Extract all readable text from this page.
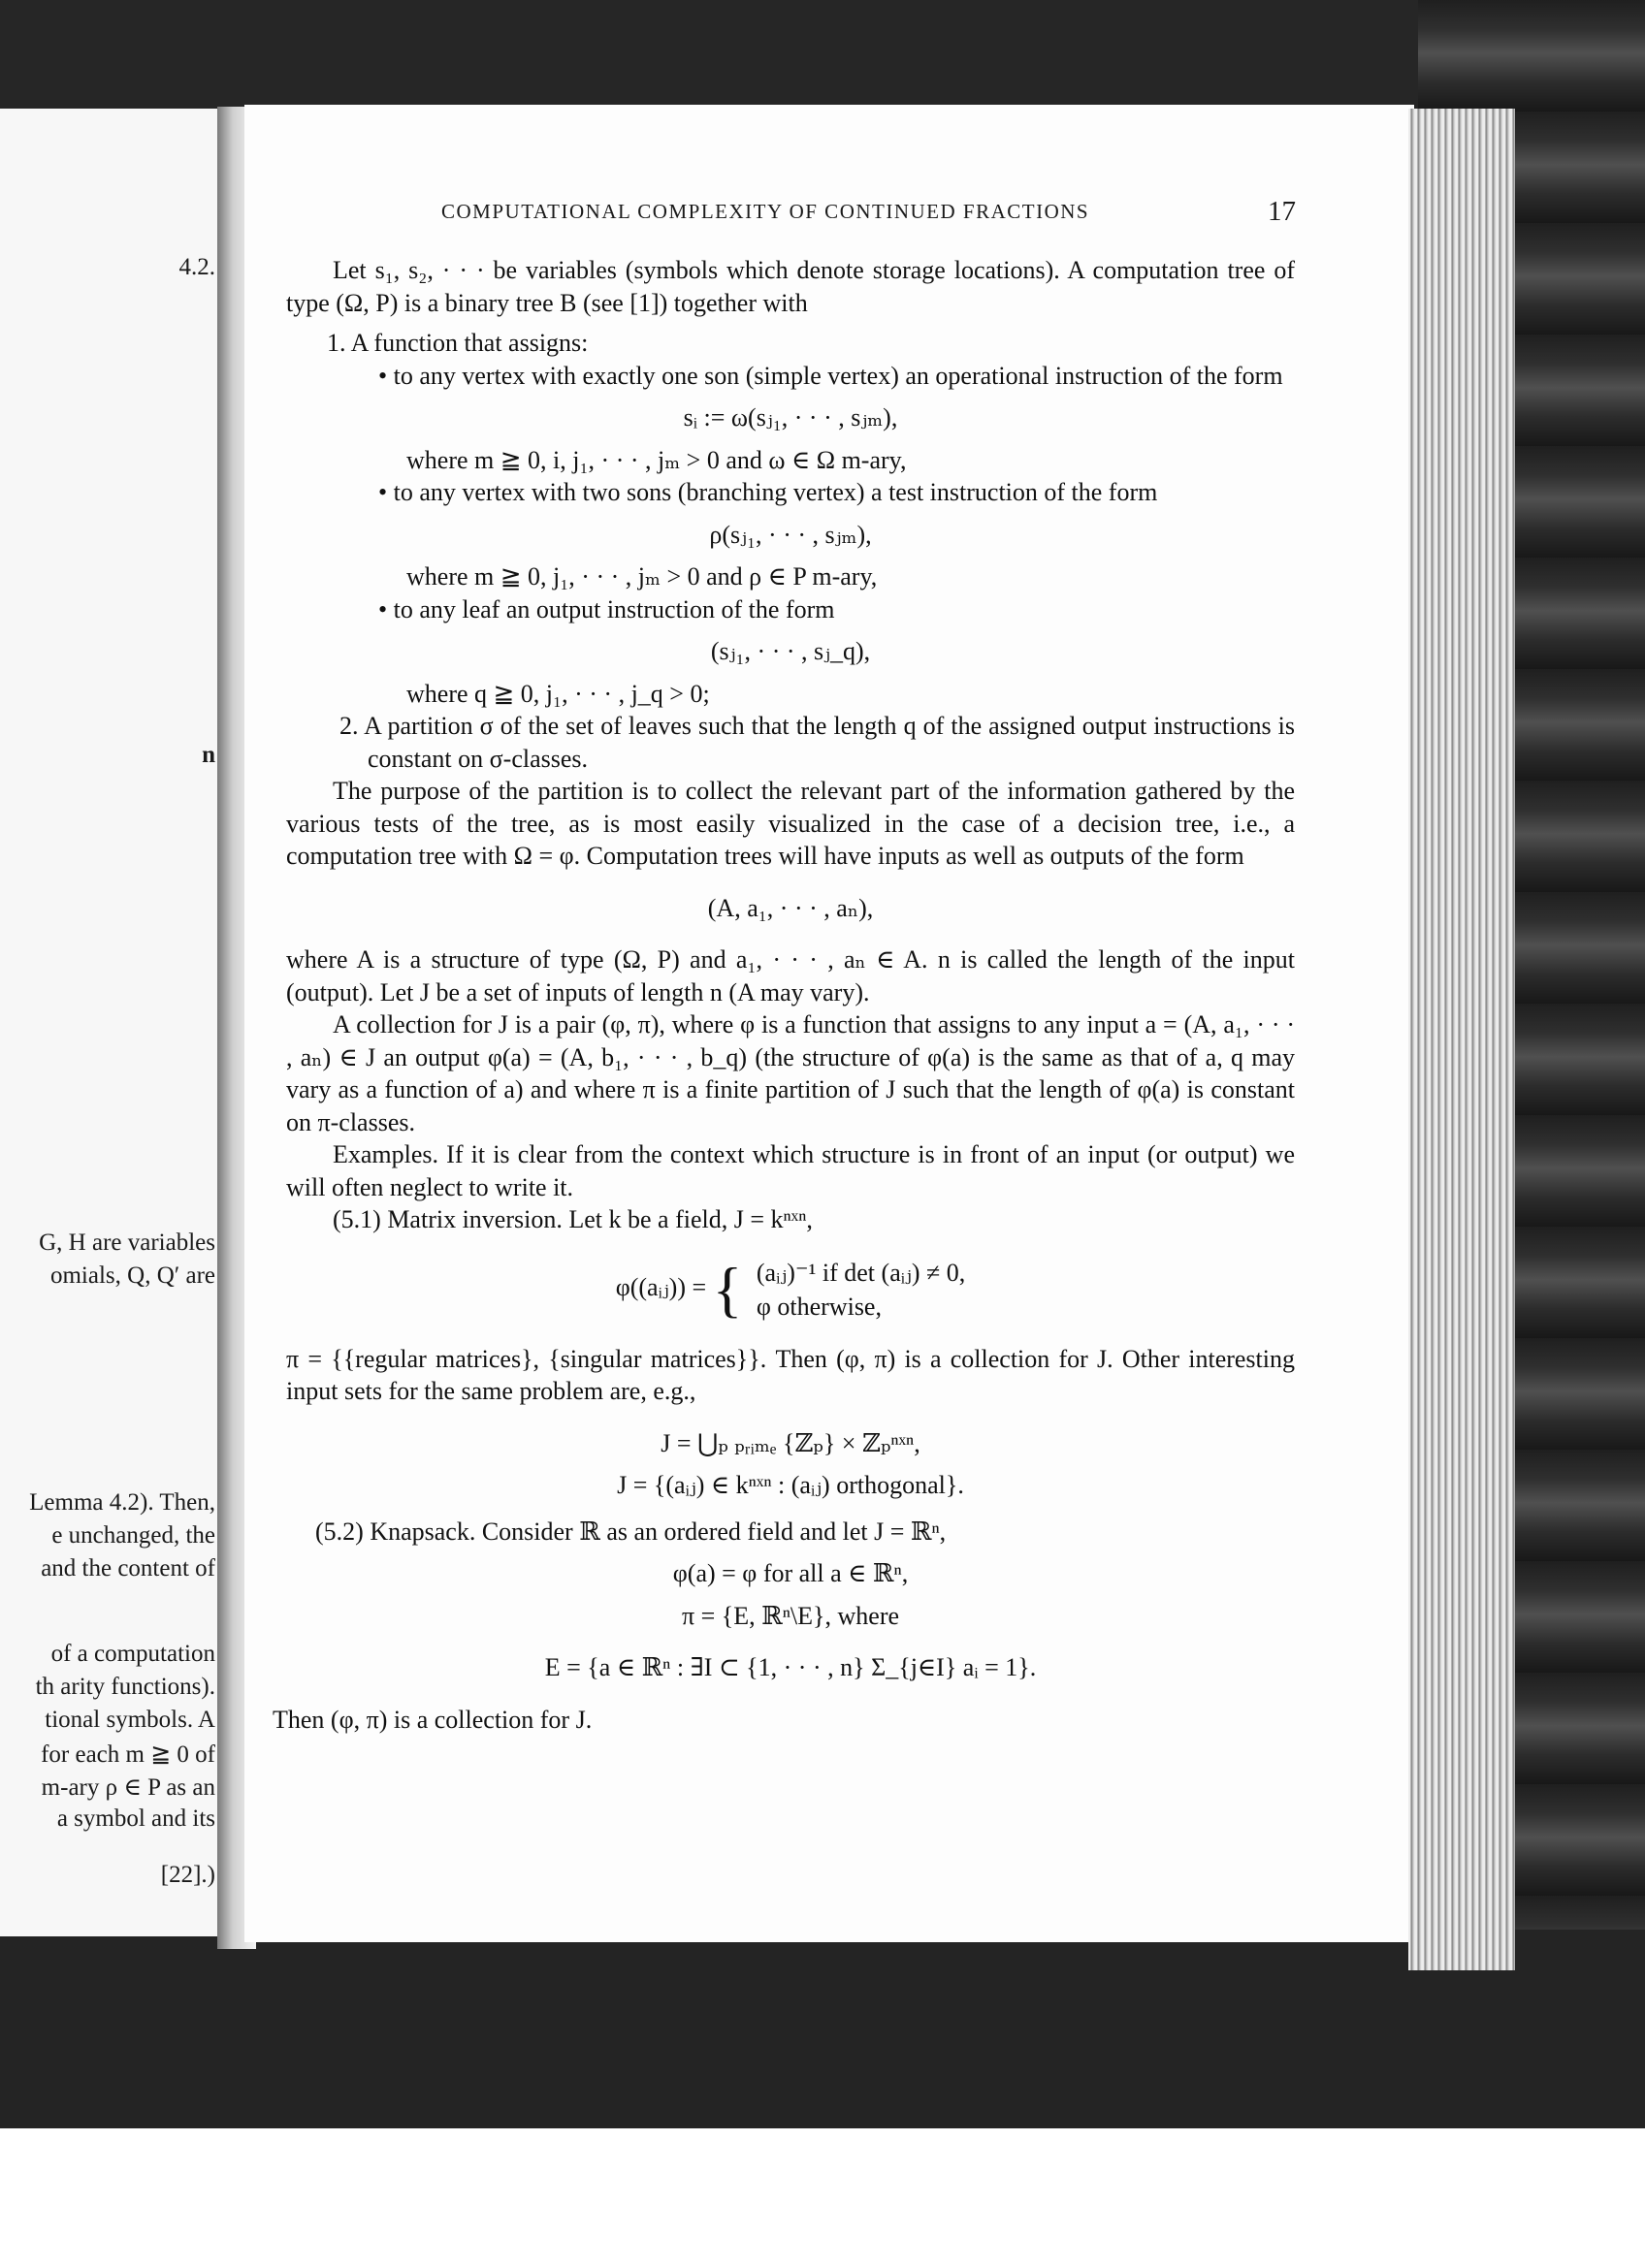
4.2.
n
G, H are variables
omials, Q, Q′ are
Lemma 4.2). Then,
e unchanged, the
and the content of
of a computation
th arity functions).
tional symbols. A
for each m ≧ 0 of
m-ary ρ ∈ P as an
a symbol and its
[22].)
COMPUTATIONAL COMPLEXITY OF CONTINUED FRACTIONS	17

Let s₁, s₂, · · · be variables (symbols which denote storage locations). A computation tree of type (Ω, P) is a binary tree B (see [1]) together with

1. A function that assigns:

• to any vertex with exactly one son (simple vertex) an operational instruction of the form

sᵢ := ω(sⱼ₁, · · · , sⱼₘ),

where m ≧ 0, i, j₁, · · · , jₘ > 0 and ω ∈ Ω m-ary,

• to any vertex with two sons (branching vertex) a test instruction of the form

ρ(sⱼ₁, · · · , sⱼₘ),

where m ≧ 0, j₁, · · · , jₘ > 0 and ρ ∈ P m-ary,

• to any leaf an output instruction of the form

(sⱼ₁, · · · , sⱼ_q),

where q ≧ 0, j₁, · · · , j_q > 0;

2. A partition σ of the set of leaves such that the length q of the assigned output instructions is constant on σ-classes.

The purpose of the partition is to collect the relevant part of the information gathered by the various tests of the tree, as is most easily visualized in the case of a decision tree, i.e., a computation tree with Ω = φ. Computation trees will have inputs as well as outputs of the form

(A, a₁, · · · , aₙ),

where A is a structure of type (Ω, P) and a₁, · · · , aₙ ∈ A. n is called the length of the input (output). Let J be a set of inputs of length n (A may vary).

A collection for J is a pair (φ, π), where φ is a function that assigns to any input a = (A, a₁, · · · , aₙ) ∈ J an output φ(a) = (A, b₁, · · · , b_q) (the structure of φ(a) is the same as that of a, q may vary as a function of a) and where π is a finite partition of J such that the length of φ(a) is constant on π-classes.

Examples. If it is clear from the context which structure is in front of an input (or output) we will often neglect to write it.

(5.1) Matrix inversion. Let k be a field, J = kⁿˣⁿ,

φ((aᵢⱼ)) = { (aᵢⱼ)⁻¹ if det (aᵢⱼ) ≠ 0,
φ otherwise,

π = {{regular matrices}, {singular matrices}}. Then (φ, π) is a collection for J. Other interesting input sets for the same problem are, e.g.,

J = ⋃ₚ ₚᵣᵢₘₑ {ℤₚ} × ℤₚⁿˣⁿ,

J = {(aᵢⱼ) ∈ kⁿˣⁿ : (aᵢⱼ) orthogonal}.

(5.2) Knapsack. Consider ℝ as an ordered field and let J = ℝⁿ,

φ(a) = φ for all a ∈ ℝⁿ,

π = {E, ℝⁿ\E}, where

E = {a ∈ ℝⁿ : ∃I ⊂ {1, · · · , n} Σ_{j∈I} aᵢ = 1}.

Then (φ, π) is a collection for J.
